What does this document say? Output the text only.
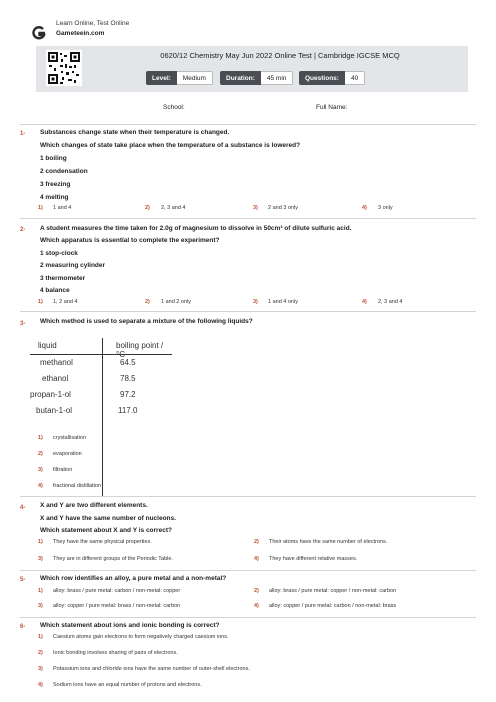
Learn Online, Test Online
Gameteein.com
0620/12 Chemistry May Jun 2022 Online Test | Cambridge IGCSE MCQ
Level:	Medium	Duration:	45 min	Questions:	40
School:	Full Name:
1- Substances change state when their temperature is changed.
Which changes of state take place when the temperature of a substance is lowered?
1 boiling
2 condensation
3 freezing
4 melting
1) 1 and 4	2) 2, 3 and 4	3) 2 and 3 only	4) 3 only
2- A student measures the time taken for 2.0g of magnesium to dissolve in 50cm³ of dilute sulfuric acid.
Which apparatus is essential to complete the experiment?
1 stop-clock
2 measuring cylinder
3 thermometer
4 balance
1) 1, 2 and 4	2) 1 and 2 only	3) 1 and 4 only	4) 2, 3 and 4
3- Which method is used to separate a mixture of the following liquids?
liquid	boiling point / °C
methanol	64.5
ethanol	78.5
propan-1-ol	97.2
butan-1-ol	117.0
1) crystallisation
2) evaporation
3) filtration
4) fractional distillation
4- X and Y are two different elements.
X and Y have the same number of nucleons.
Which statement about X and Y is correct?
1) They have the same physical properties.	2) Their atoms have the same number of electrons.
3) They are in different groups of the Periodic Table.	4) They have different relative masses.
5- Which row identifies an alloy, a pure metal and a non-metal?
1) alloy: brass / pure metal: carbon / non-metal: copper	2) alloy: brass / pure metal: copper / non-metal: carbon
3) alloy: copper / pure metal: brass / non-metal: carbon	4) alloy: copper / pure metal: carbon / non-metal: brass
6- Which statement about ions and ionic bonding is correct?
1) Caesium atoms gain electrons to form negatively charged caesium ions.
2) Ionic bonding involves sharing of pairs of electrons.
3) Potassium ions and chloride ions have the same number of outer-shell electrons.
4) Sodium ions have an equal number of protons and electrons.
